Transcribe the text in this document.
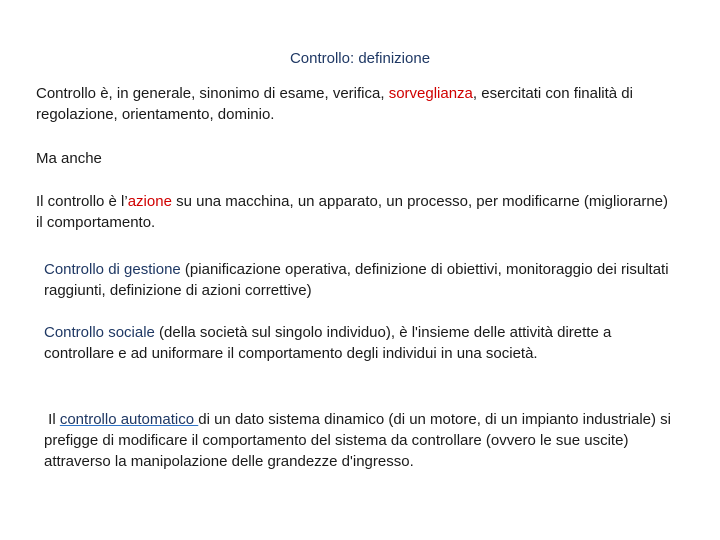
Controllo: definizione

Controllo è, in generale, sinonimo di esame, verifica, sorveglianza, esercitati con finalità di regolazione, orientamento, dominio.

Ma anche

Il controllo è l’azione su una macchina, un apparato, un processo, per modificarne (migliorarne) il comportamento.

Controllo di gestione (pianificazione operativa, definizione di obiettivi, monitoraggio dei risultati raggiunti, definizione di azioni correttive)

Controllo sociale (della società sul singolo individuo), è l'insieme delle attività dirette a controllare e ad uniformare il comportamento degli individui in una società.

Il controllo automatico di un dato sistema dinamico (di un motore, di un impianto industriale) si prefigge di modificare il comportamento del sistema da controllare (ovvero le sue uscite) attraverso la manipolazione delle grandezze d'ingresso.
